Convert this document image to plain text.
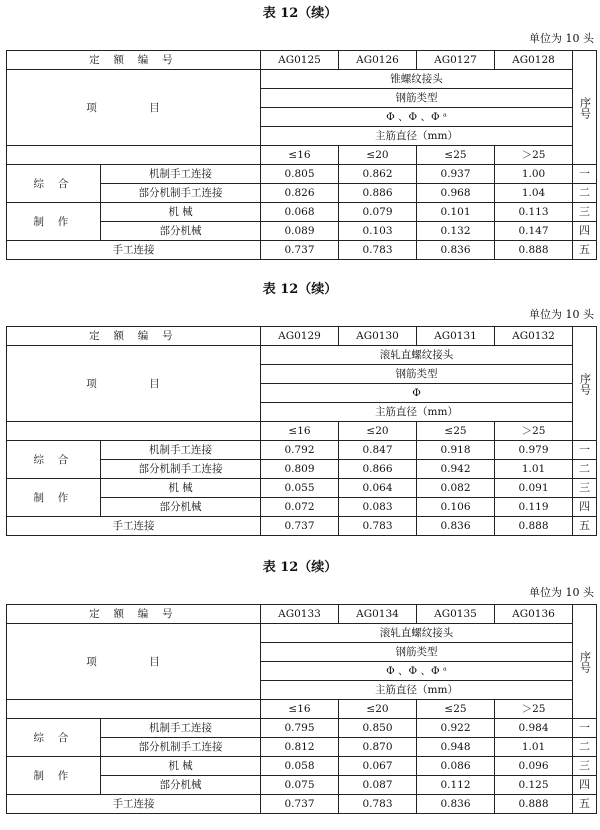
表 12（续）
单位为 10 头
定 额 编 号		AG0125	AG0126	AG0127	AG0128	序号
项　目		锥螺纹接头				
		钢筋类型				
		Φ 、Φ 、Φ ᵃ				
		主筋直径（mm）				
		≤16	≤20	≤25	＞25	
综 合	机制手工连接	0.805	0.862	0.937	1.00	一
	部分机制手工连接	0.826	0.886	0.968	1.04	二
制 作	机 械	0.068	0.079	0.101	0.113	三
	部分机械	0.089	0.103	0.132	0.147	四
手工连接		0.737	0.783	0.836	0.888	五
表 12（续）
单位为 10 头
定 额 编 号		AG0129	AG0130	AG0131	AG0132	序号
项　目		滚轧直螺纹接头				
		钢筋类型				
		Φ				
		主筋直径（mm）				
		≤16	≤20	≤25	＞25	
综 合	机制手工连接	0.792	0.847	0.918	0.979	一
	部分机制手工连接	0.809	0.866	0.942	1.01	二
制 作	机 械	0.055	0.064	0.082	0.091	三
	部分机械	0.072	0.083	0.106	0.119	四
手工连接		0.737	0.783	0.836	0.888	五
表 12（续）
单位为 10 头
定 额 编 号		AG0133	AG0134	AG0135	AG0136	序号
项　目		滚轧直螺纹接头				
		钢筋类型				
		Φ 、Φ 、Φ ᵃ				
		主筋直径（mm）				
		≤16	≤20	≤25	＞25	
综 合	机制手工连接	0.795	0.850	0.922	0.984	一
	部分机制手工连接	0.812	0.870	0.948	1.01	二
制 作	机 械	0.058	0.067	0.086	0.096	三
	部分机械	0.075	0.087	0.112	0.125	四
手工连接		0.737	0.783	0.836	0.888	五
